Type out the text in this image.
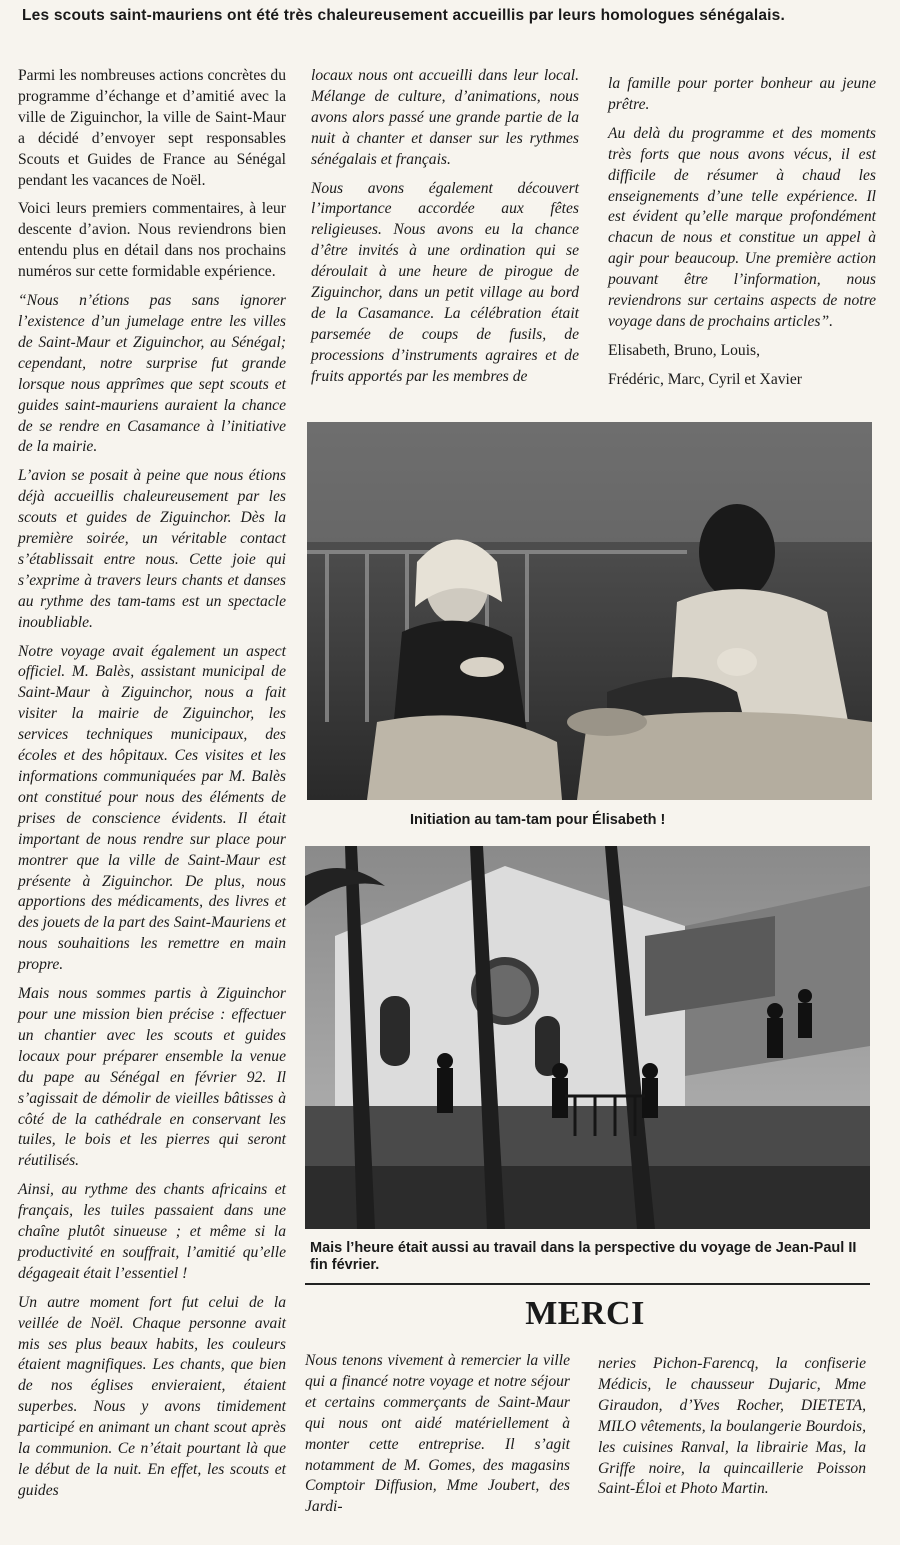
Les scouts saint-mauriens ont été très chaleureusement accueillis par leurs homologues sénégalais.

Parmi les nombreuses actions concrètes du programme d’échange et d’amitié avec la ville de Ziguinchor, la ville de Saint-Maur a décidé d’envoyer sept responsables Scouts et Guides de France au Sénégal pendant les vacances de Noël.

Voici leurs premiers commentaires, à leur descente d’avion. Nous reviendrons bien entendu plus en détail dans nos prochains numéros sur cette formidable expérience.

“Nous n’étions pas sans ignorer l’existence d’un jumelage entre les villes de Saint-Maur et Ziguinchor, au Sénégal; cependant, notre surprise fut grande lorsque nous apprîmes que sept scouts et guides saint-mauriens auraient la chance de se rendre en Casamance à l’initiative de la mairie.

L’avion se posait à peine que nous étions déjà accueillis chaleureusement par les scouts et guides de Ziguinchor. Dès la première soirée, un véritable contact s’établissait entre nous. Cette joie qui s’exprime à travers leurs chants et danses au rythme des tam-tams est un spectacle inoubliable.

Notre voyage avait également un aspect officiel. M. Balès, assistant municipal de Saint-Maur à Ziguinchor, nous a fait visiter la mairie de Ziguinchor, les services techniques municipaux, des écoles et des hôpitaux. Ces visites et les informations communiquées par M. Balès ont constitué pour nous des éléments de prises de conscience évidents. Il était important de nous rendre sur place pour montrer que la ville de Saint-Maur est présente à Ziguinchor. De plus, nous apportions des médicaments, des livres et des jouets de la part des Saint-Mauriens et nous souhaitions les remettre en main propre.

Mais nous sommes partis à Ziguinchor pour une mission bien précise : effectuer un chantier avec les scouts et guides locaux pour préparer ensemble la venue du pape au Sénégal en février 92. Il s’agissait de démolir de vieilles bâtisses à côté de la cathédrale en conservant les tuiles, le bois et les pierres qui seront réutilisés.

Ainsi, au rythme des chants africains et français, les tuiles passaient dans une chaîne plutôt sinueuse ; et même si la productivité en souffrait, l’amitié qu’elle dégageait était l’essentiel !

Un autre moment fort fut celui de la veillée de Noël. Chaque personne avait mis ses plus beaux habits, les couleurs étaient magnifiques. Les chants, que bien de nos églises envieraient, étaient superbes. Nous y avons timidement participé en animant un chant scout après la communion. Ce n’était pourtant là que le début de la nuit. En effet, les scouts et guides

locaux nous ont accueilli dans leur local. Mélange de culture, d’animations, nous avons alors passé une grande partie de la nuit à chanter et danser sur les rythmes sénégalais et français.

Nous avons également découvert l’importance accordée aux fêtes religieuses. Nous avons eu la chance d’être invités à une ordination qui se déroulait à une heure de pirogue de Ziguinchor, dans un petit village au bord de la Casamance. La célébration était parsemée de coups de fusils, de processions d’instruments agraires et de fruits apportés par les membres de

la famille pour porter bonheur au jeune prêtre.

Au delà du programme et des moments très forts que nous avons vécus, il est difficile de résumer à chaud les enseignements d’une telle expérience. Il est évident qu’elle marque profondément chacun de nous et constitue un appel à agir pour beaucoup. Une première action pouvant être l’information, nous reviendrons sur certains aspects de notre voyage dans de prochains articles”.

Elisabeth, Bruno, Louis,

Frédéric, Marc, Cyril et Xavier

Initiation au tam-tam pour Élisabeth !

Mais l’heure était aussi au travail dans la perspective du voyage de Jean-Paul II fin février.

MERCI

Nous tenons vivement à remercier la ville qui a financé notre voyage et notre séjour et certains commerçants de Saint-Maur qui nous ont aidé matériellement à monter cette entreprise. Il s’agit notamment de M. Gomes, des magasins Comptoir Diffusion, Mme Joubert, des Jardi-

neries Pichon-Farencq, la confiserie Médicis, le chausseur Dujaric, Mme Giraudon, d’Yves Rocher, DIETETA, MILO vêtements, la boulangerie Bourdois, les cuisines Ranval, la librairie Mas, la Griffe noire, la quincaillerie Poisson Saint-Éloi et Photo Martin.
